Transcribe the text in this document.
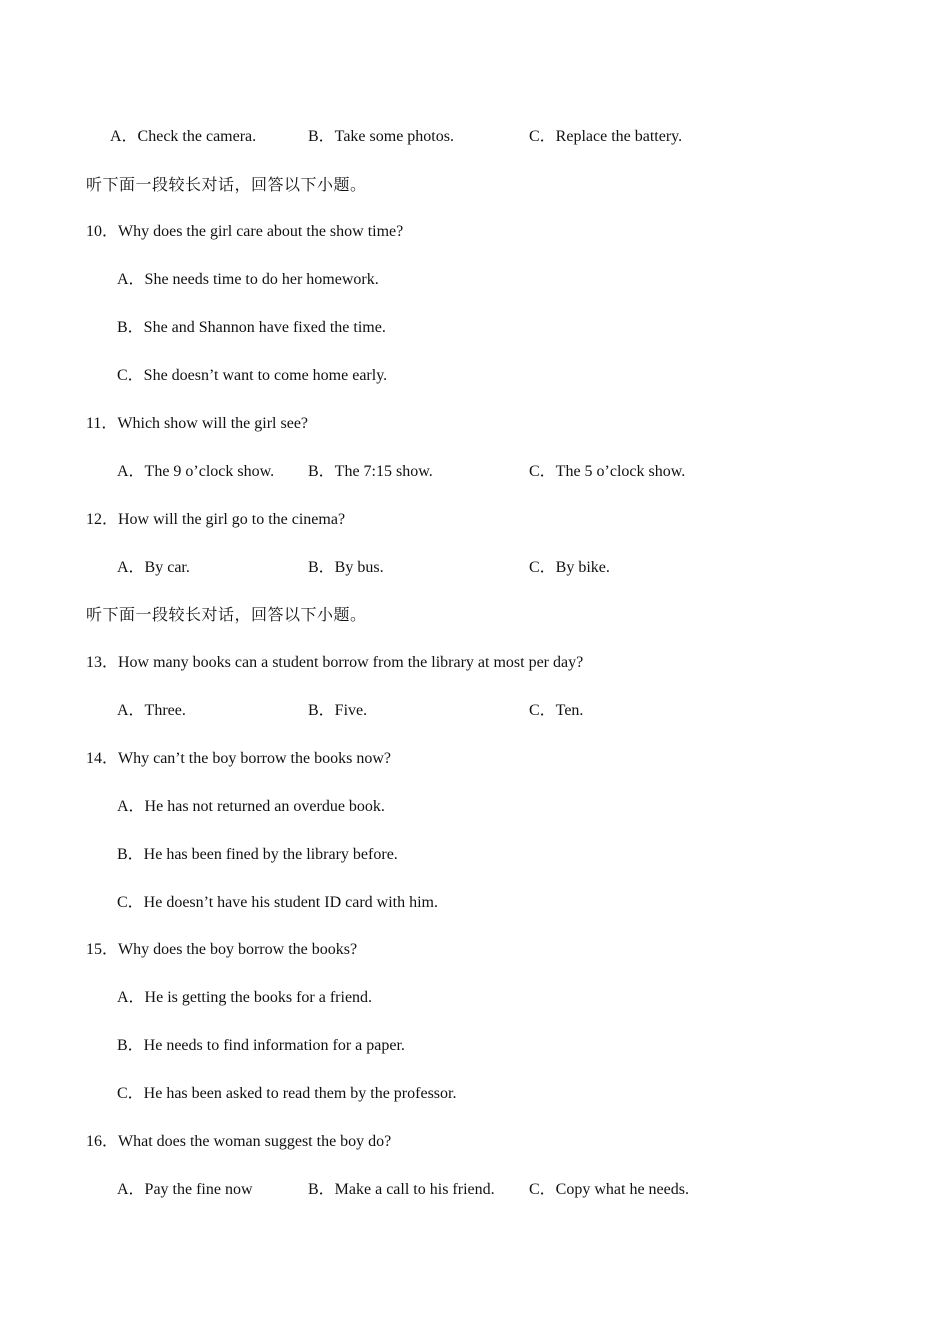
A．Check the camera.	B．Take some photos.	C．Replace the battery.
听下面一段较长对话，回答以下小题。
10．Why does the girl care about the show time?
A．She needs time to do her homework.
B．She and Shannon have fixed the time.
C．She doesn’t want to come home early.
11．Which show will the girl see?
A．The 9 o’clock show. B．The 7:15 show.	C．The 5 o’clock show.
12．How will the girl go to the cinema?
A．By car.	B．By bus.	C．By bike.
听下面一段较长对话，回答以下小题。
13．How many books can a student borrow from the library at most per day?
A．Three.	B．Five.	C．Ten.
14．Why can’t the boy borrow the books now?
A．He has not returned an overdue book.
B．He has been fined by the library before.
C．He doesn’t have his student ID card with him.
15．Why does the boy borrow the books?
A．He is getting the books for a friend.
B．He needs to find information for a paper.
C．He has been asked to read them by the professor.
16．What does the woman suggest the boy do?
A．Pay the fine now	B．Make a call to his friend. C．Copy what he needs.
